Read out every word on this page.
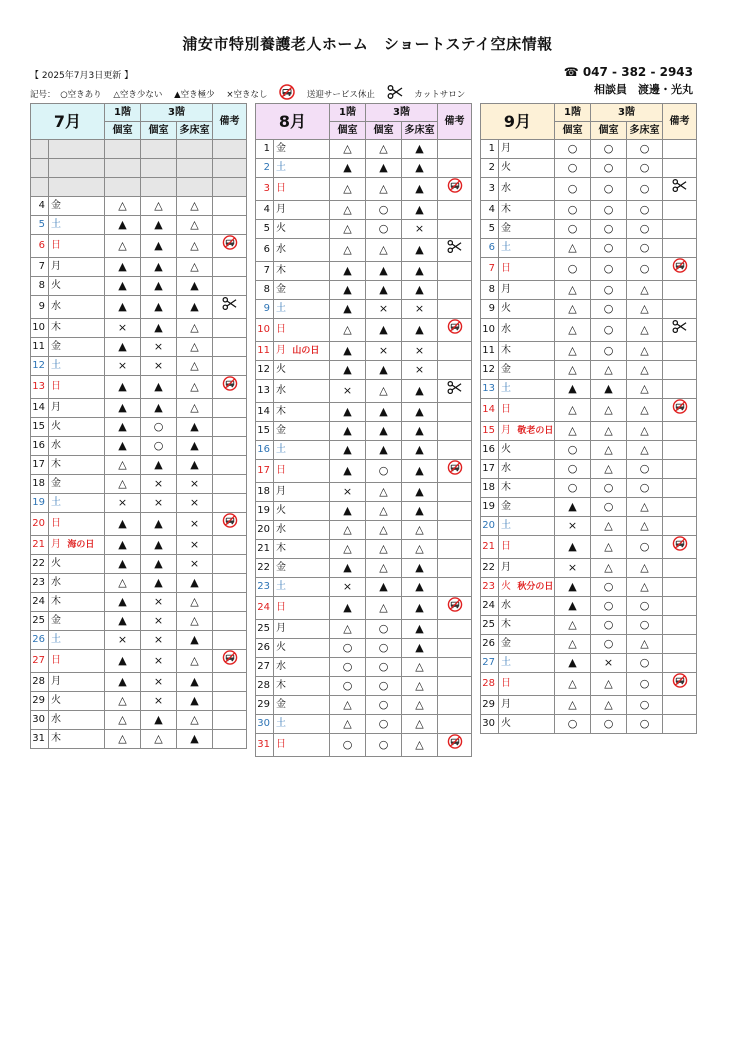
浦安市特別養護老人ホーム　ショートステイ空床情報
【 2025年7月3日更新 】
記号： ○空きあり △空き少ない ▲空き極少 ×空きなし	送迎サービス休止	カットサロン
☎ 047 - 382 - 2943
相談員　渡邊・光丸
7月		1階	3階		備考
		個室	個室	多床室	

4	金	△	△	△	
5	土	▲	▲	△	
6	日	△	▲	△	
7	月	▲	▲	△	
8	火	▲	▲	▲	
9	水	▲	▲	▲	
10	木	×	▲	△	
11	金	▲	×	△	
12	土	×	×	△	
13	日	▲	▲	△	
14	月	▲	▲	△	
15	火	▲	○	▲	
16	水	▲	○	▲	
17	木	△	▲	▲	
18	金	△	×	×	
19	土	×	×	×	
20	日	▲	▲	×	
21	月 海の日	▲	▲	×	
22	火	▲	▲	×	
23	水	△	▲	▲	
24	木	▲	×	△	
25	金	▲	×	△	
26	土	×	×	▲	
27	日	▲	×	△	
28	月	▲	×	▲	
29	火	△	×	▲	
30	水	△	▲	△	
31	木	△	△	▲	
8月		1階	3階		備考
		個室	個室	多床室	
1	金	△	△	▲	
2	土	▲	▲	▲	
3	日	△	△	▲	
4	月	△	○	▲	
5	火	△	○	×	
6	水	△	△	▲	
7	木	▲	▲	▲	
8	金	▲	▲	▲	
9	土	▲	×	×	
10	日	△	▲	▲	
11	月 山の日	▲	×	×	
12	火	▲	▲	×	
13	水	×	△	▲	
14	木	▲	▲	▲	
15	金	▲	▲	▲	
16	土	▲	▲	▲	
17	日	▲	○	▲	
18	月	×	△	▲	
19	火	▲	△	▲	
20	水	△	△	△	
21	木	△	△	△	
22	金	▲	△	▲	
23	土	×	▲	▲	
24	日	▲	△	▲	
25	月	△	○	▲	
26	火	○	○	▲	
27	水	○	○	△	
28	木	○	○	△	
29	金	△	○	△	
30	土	△	○	△	
31	日	○	○	△	
9月		1階	3階		備考
		個室	個室	多床室	
1	月	○	○	○	
2	火	○	○	○	
3	水	○	○	○	
4	木	○	○	○	
5	金	○	○	○	
6	土	△	○	○	
7	日	○	○	○	
8	月	△	○	△	
9	火	△	○	△	
10	水	△	○	△	
11	木	△	○	△	
12	金	△	△	△	
13	土	▲	▲	△	
14	日	△	△	△	
15	月 敬老の日	△	△	△	
16	火	○	△	△	
17	水	○	△	○	
18	木	○	○	○	
19	金	▲	○	△	
20	土	×	△	△	
21	日	▲	△	○	
22	月	×	△	△	
23	火 秋分の日	▲	○	△	
24	水	▲	○	○	
25	木	△	○	○	
26	金	△	○	△	
27	土	▲	×	○	
28	日	△	△	○	
29	月	△	△	○	
30	火	○	○	○	
